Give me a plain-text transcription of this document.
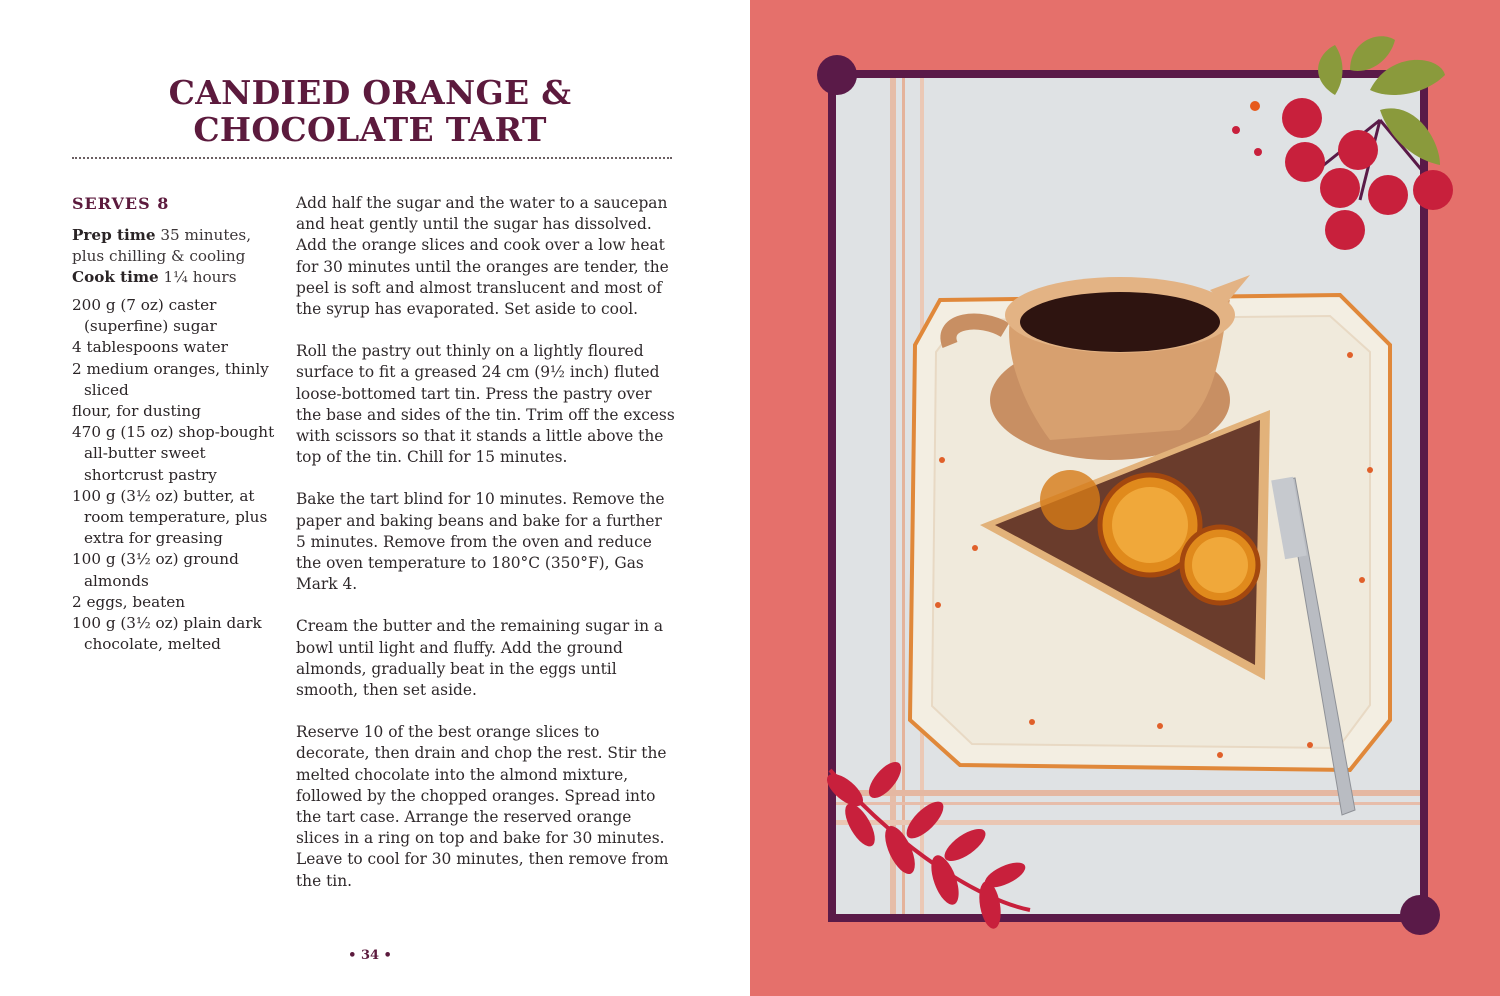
CANDIED ORANGE &
CHOCOLATE TART
SERVES 8

Prep time 35 minutes,

plus chilling & cooling

Cook time 1¼ hours

200 g (7 oz) caster (superfine) sugar
4 tablespoons water
2 medium oranges, thinly sliced
flour, for dusting
470 g (15 oz) shop-bought all-butter sweet shortcrust pastry
100 g (3½ oz) butter, at room temperature, plus extra for greasing
100 g (3½ oz) ground almonds
2 eggs, beaten
100 g (3½ oz) plain dark chocolate, melted

Add half the sugar and the water to a saucepan and heat gently until the sugar has dissolved. Add the orange slices and cook over a low heat for 30 minutes until the oranges are tender, the peel is soft and almost translucent and most of the syrup has evaporated. Set aside to cool.

Roll the pastry out thinly on a lightly floured surface to fit a greased 24 cm (9½ inch) fluted loose-bottomed tart tin. Press the pastry over the base and sides of the tin. Trim off the excess with scissors so that it stands a little above the top of the tin. Chill for 15 minutes.

Bake the tart blind for 10 minutes. Remove the paper and baking beans and bake for a further 5 minutes. Remove from the oven and reduce the oven temperature to 180°C (350°F), Gas Mark 4.

Cream the butter and the remaining sugar in a bowl until light and fluffy. Add the ground almonds, gradually beat in the eggs until smooth, then set aside.

Reserve 10 of the best orange slices to decorate, then drain and chop the rest. Stir the melted chocolate into the almond mixture, followed by the chopped oranges. Spread into the tart case. Arrange the reserved orange slices in a ring on top and bake for 30 minutes. Leave to cool for 30 minutes, then remove from the tin.

• 34 •
